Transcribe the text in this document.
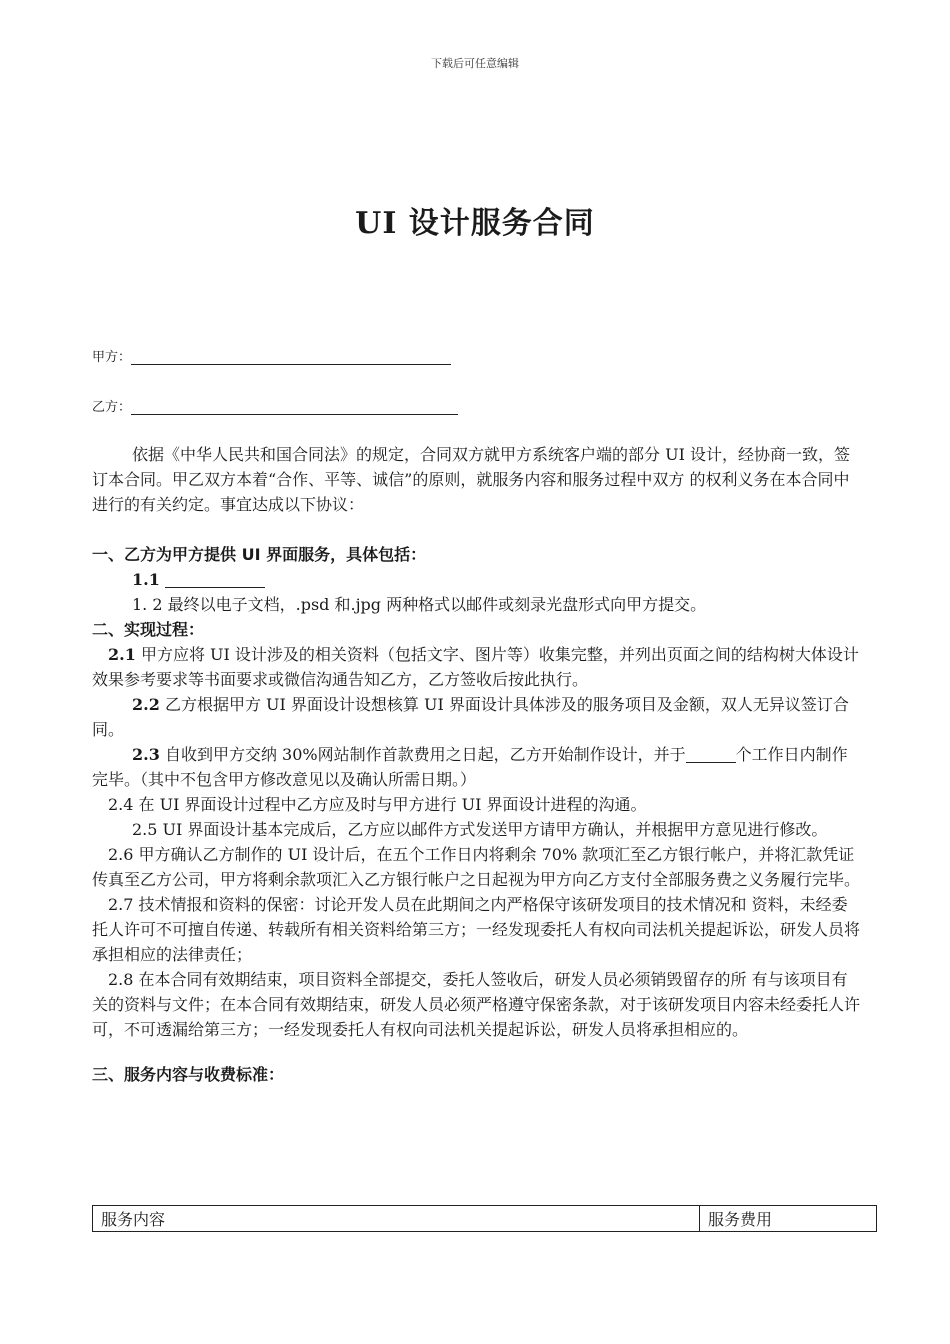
下载后可任意编辑
UI 设计服务合同
甲方：
乙方：

依据《中华人民共和国合同法》的规定，合同双方就甲方系统客户端的部分 UI 设计，经协商一致，签订本合同。甲乙双方本着“合作、平等、诚信”的原则，就服务内容和服务过程中双方 的权利义务在本合同中进行的有关约定。事宜达成以下协议：

一、乙方为甲方提供 UI 界面服务，具体包括：

1.1

1. 2 最终以电子文档，.psd 和.jpg 两种格式以邮件或刻录光盘形式向甲方提交。

二、实现过程：

2.1 甲方应将 UI 设计涉及的相关资料（包括文字、图片等）收集完整，并列出页面之间的结构树大体设计效果参考要求等书面要求或微信沟通告知乙方，乙方签收后按此执行。

2.2 乙方根据甲方 UI 界面设计设想核算 UI 界面设计具体涉及的服务项目及金额，双人无异议签订合同。

2.3 自收到甲方交纳 30%网站制作首款费用之日起，乙方开始制作设计，并于	个工作日内制作完毕。（其中不包含甲方修改意见以及确认所需日期。）

2.4 在 UI 界面设计过程中乙方应及时与甲方进行 UI 界面设计进程的沟通。

2.5 UI 界面设计基本完成后，乙方应以邮件方式发送甲方请甲方确认，并根据甲方意见进行修改。

2.6 甲方确认乙方制作的 UI 设计后，在五个工作日内将剩余 70% 款项汇至乙方银行帐户，并将汇款凭证传真至乙方公司，甲方将剩余款项汇入乙方银行帐户之日起视为甲方向乙方支付全部服务费之义务履行完毕。

2.7 技术情报和资料的保密：讨论开发人员在此期间之内严格保守该研发项目的技术情况和 资料，未经委托人许可不可擅自传递、转载所有相关资料给第三方；一经发现委托人有权向司法机关提起诉讼，研发人员将承担相应的法律责任；

2.8 在本合同有效期结束，项目资料全部提交，委托人签收后，研发人员必须销毁留存的所 有与该项目有关的资料与文件；在本合同有效期结束，研发人员必须严格遵守保密条款，对于该研发项目内容未经委托人许可，不可透漏给第三方；一经发现委托人有权向司法机关提起诉讼，研发人员将承担相应的。

三、服务内容与收费标准：

服务内容	服务费用
